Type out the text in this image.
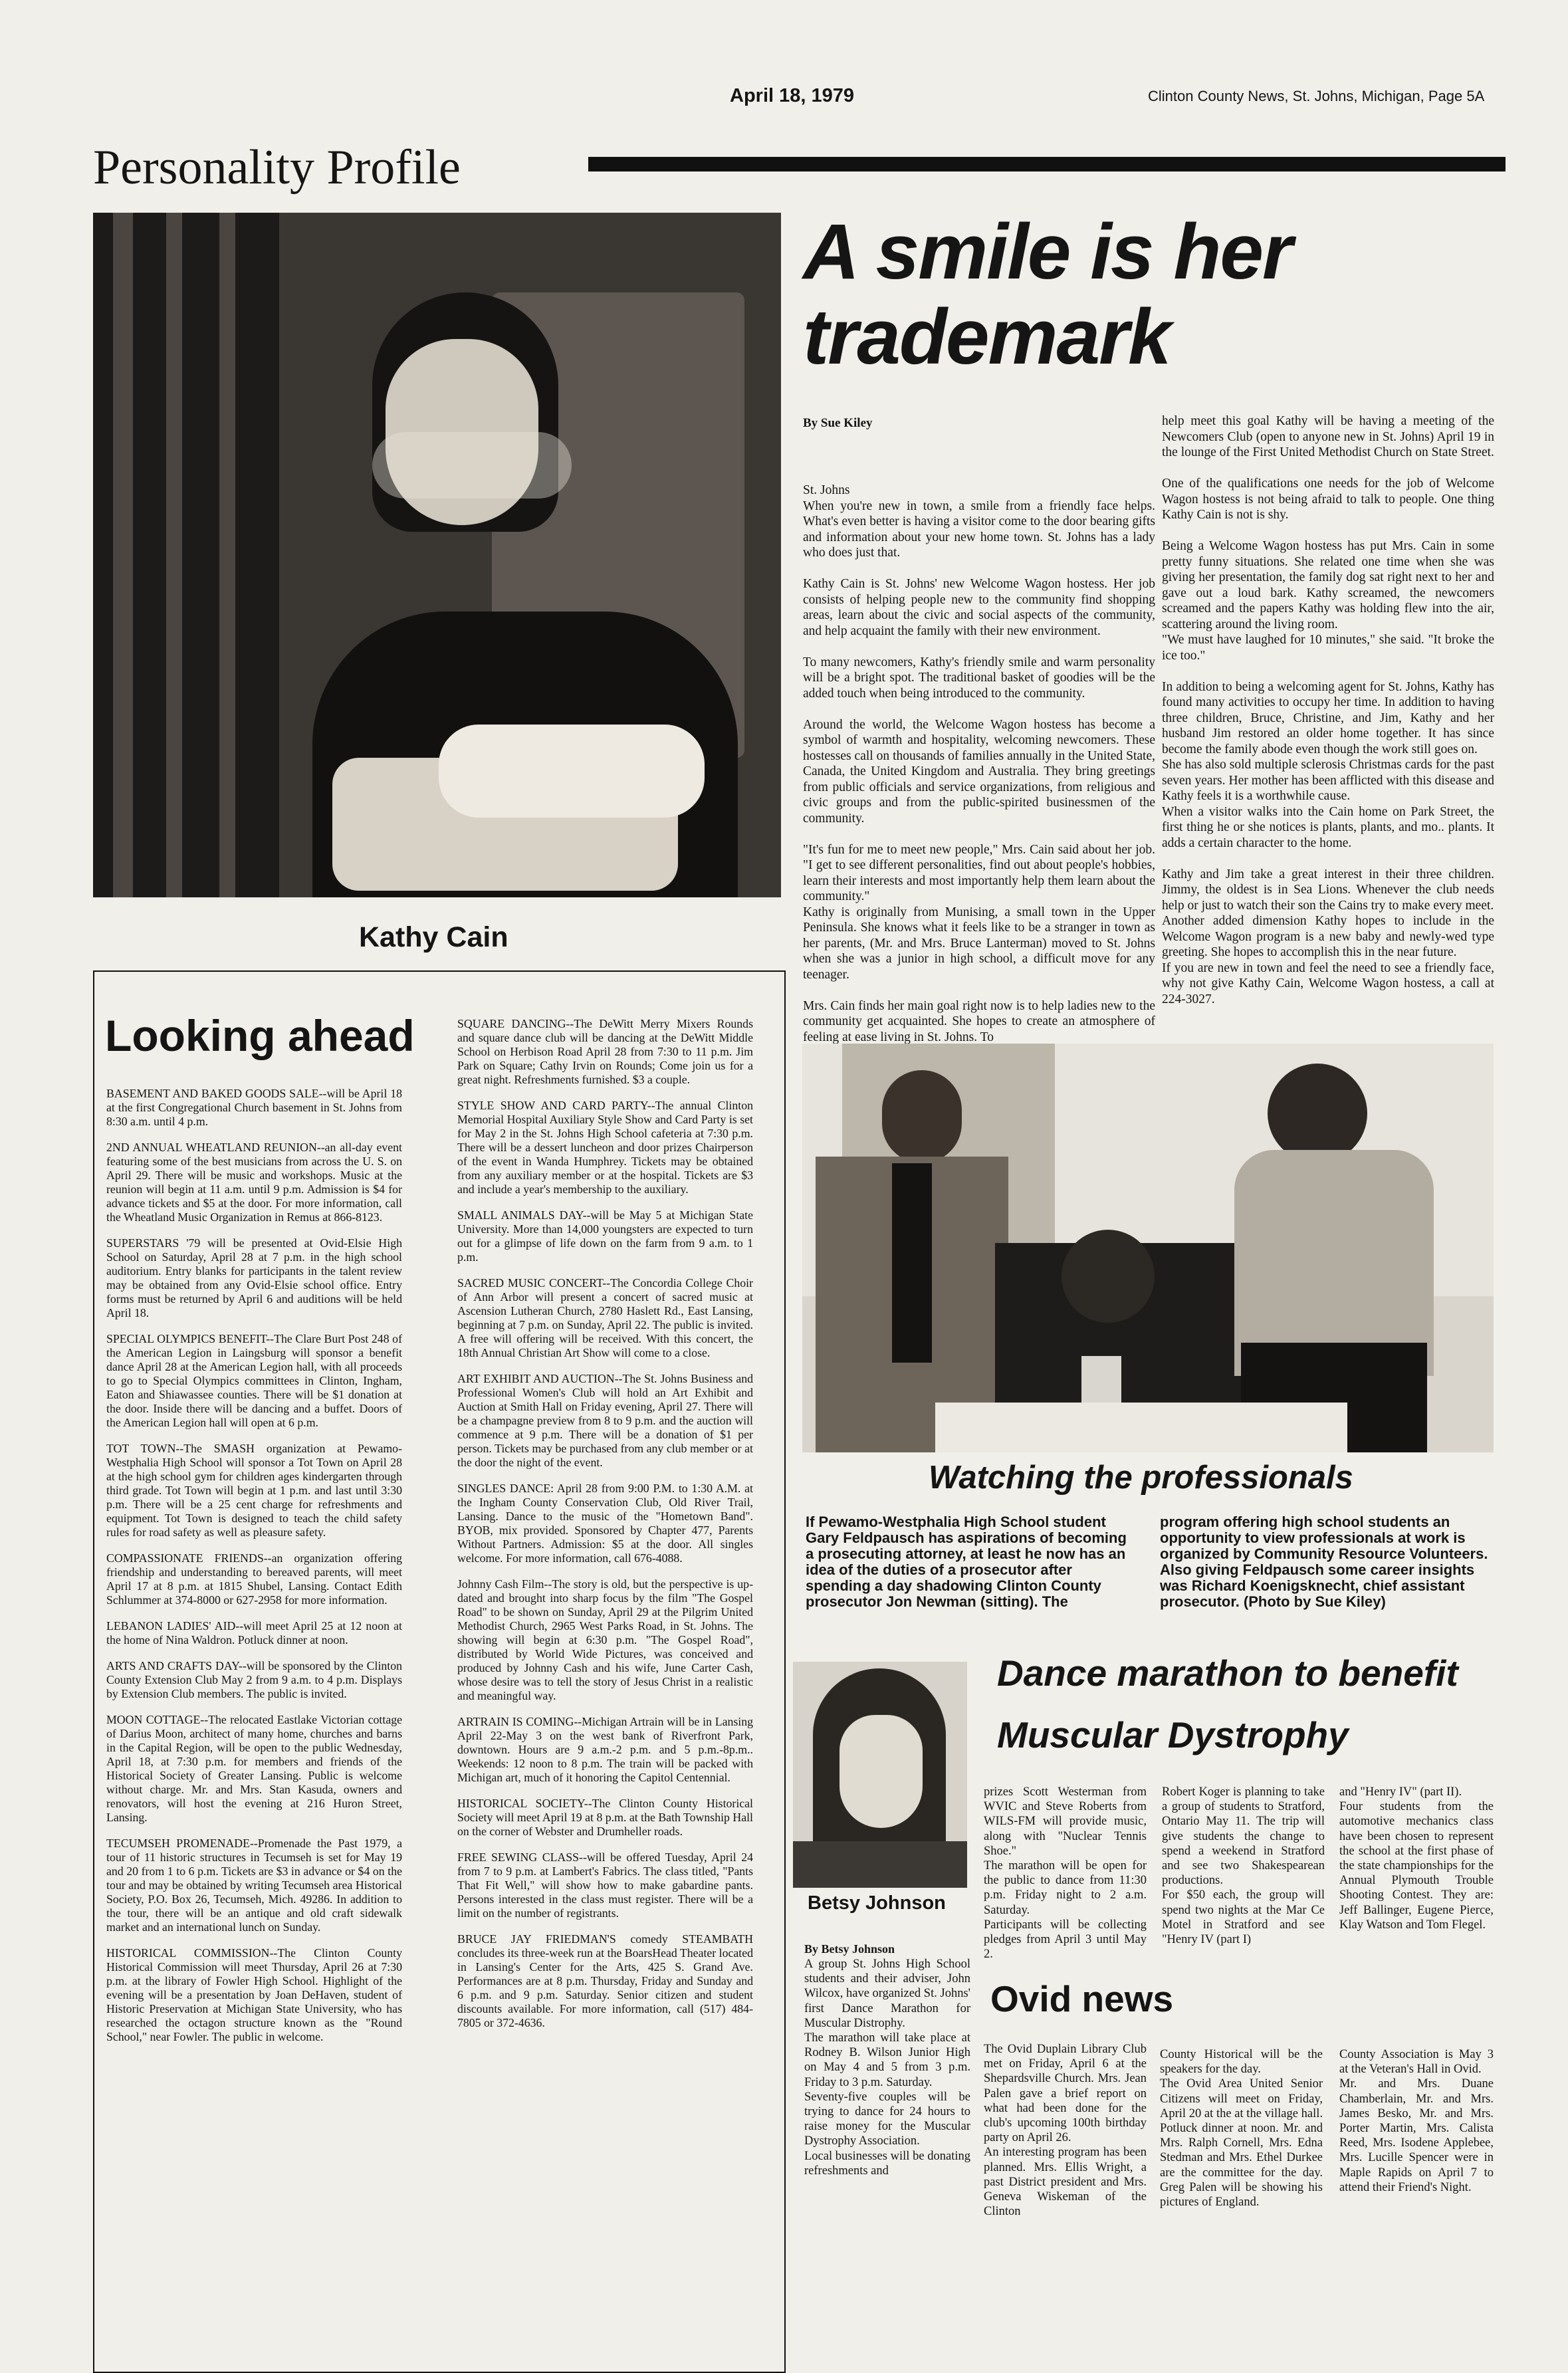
April 18, 1979	Clinton County News, St. Johns, Michigan, Page 5A
Personality Profile
Kathy Cain
A smile is her trademark
By Sue Kiley

St. Johns
When you're new in town, a smile from a friendly face helps. What's even better is having a visitor come to the door bearing gifts and information about your new home town. St. Johns has a lady who does just that.

Kathy Cain is St. Johns' new Welcome Wagon hostess. Her job consists of helping people new to the community find shopping areas, learn about the civic and social aspects of the community, and help acquaint the family with their new environment.

To many newcomers, Kathy's friendly smile and warm personality will be a bright spot. The traditional basket of goodies will be the added touch when being introduced to the community.

Around the world, the Welcome Wagon hostess has become a symbol of warmth and hospitality, welcoming newcomers. These hostesses call on thousands of families annually in the United State, Canada, the United Kingdom and Australia. They bring greetings from public officials and service organizations, from religious and civic groups and from the public-spirited businessmen of the community.

"It's fun for me to meet new people," Mrs. Cain said about her job. "I get to see different personalities, find out about people's hobbies, learn their interests and most importantly help them learn about the community."
Kathy is originally from Munising, a small town in the Upper Peninsula. She knows what it feels like to be a stranger in town as her parents, (Mr. and Mrs. Bruce Lanterman) moved to St. Johns when she was a junior in high school, a difficult move for any teenager.

Mrs. Cain finds her main goal right now is to help ladies new to the community get acquainted. She hopes to create an atmosphere of feeling at ease living in St. Johns. To

help meet this goal Kathy will be having a meeting of the Newcomers Club (open to anyone new in St. Johns) April 19 in the lounge of the First United Methodist Church on State Street.

One of the qualifications one needs for the job of Welcome Wagon hostess is not being afraid to talk to people. One thing Kathy Cain is not is shy.

Being a Welcome Wagon hostess has put Mrs. Cain in some pretty funny situations. She related one time when she was giving her presentation, the family dog sat right next to her and gave out a loud bark. Kathy screamed, the newcomers screamed and the papers Kathy was holding flew into the air, scattering around the living room.
"We must have laughed for 10 minutes," she said. "It broke the ice too."

In addition to being a welcoming agent for St. Johns, Kathy has found many activities to occupy her time. In addition to having three children, Bruce, Christine, and Jim, Kathy and her husband Jim restored an older home together. It has since become the family abode even though the work still goes on.
She has also sold multiple sclerosis Christmas cards for the past seven years. Her mother has been afflicted with this disease and Kathy feels it is a worthwhile cause.
When a visitor walks into the Cain home on Park Street, the first thing he or she notices is plants, plants, and mo.. plants. It adds a certain character to the home.

Kathy and Jim take a great interest in their three children. Jimmy, the oldest is in Sea Lions. Whenever the club needs help or just to watch their son the Cains try to make every meet.
Another added dimension Kathy hopes to include in the Welcome Wagon program is a new baby and newly-wed type greeting. She hopes to accomplish this in the near future.
If you are new in town and feel the need to see a friendly face, why not give Kathy Cain, Welcome Wagon hostess, a call at 224-3027.

Looking ahead

BASEMENT AND BAKED GOODS SALE--will be April 18 at the first Congregational Church basement in St. Johns from 8:30 a.m. until 4 p.m.

2ND ANNUAL WHEATLAND REUNION--an all-day event featuring some of the best musicians from across the U. S. on April 29. There will be music and workshops. Music at the reunion will begin at 11 a.m. until 9 p.m. Admission is $4 for advance tickets and $5 at the door. For more information, call the Wheatland Music Organization in Remus at 866-8123.

SUPERSTARS '79 will be presented at Ovid-Elsie High School on Saturday, April 28 at 7 p.m. in the high school auditorium. Entry blanks for participants in the talent review may be obtained from any Ovid-Elsie school office. Entry forms must be returned by April 6 and auditions will be held April 18.

SPECIAL OLYMPICS BENEFIT--The Clare Burt Post 248 of the American Legion in Laingsburg will sponsor a benefit dance April 28 at the American Legion hall, with all proceeds to go to Special Olympics committees in Clinton, Ingham, Eaton and Shiawassee counties. There will be $1 donation at the door. Inside there will be dancing and a buffet. Doors of the American Legion hall will open at 6 p.m.

TOT TOWN--The SMASH organization at Pewamo-Westphalia High School will sponsor a Tot Town on April 28 at the high school gym for children ages kindergarten through third grade. Tot Town will begin at 1 p.m. and last until 3:30 p.m. There will be a 25 cent charge for refreshments and equipment. Tot Town is designed to teach the child safety rules for road safety as well as pleasure safety.

COMPASSIONATE FRIENDS--an organization offering friendship and understanding to bereaved parents, will meet April 17 at 8 p.m. at 1815 Shubel, Lansing. Contact Edith Schlummer at 374-8000 or 627-2958 for more information.

LEBANON LADIES' AID--will meet April 25 at 12 noon at the home of Nina Waldron. Potluck dinner at noon.

ARTS AND CRAFTS DAY--will be sponsored by the Clinton County Extension Club May 2 from 9 a.m. to 4 p.m. Displays by Extension Club members. The public is invited.

MOON COTTAGE--The relocated Eastlake Victorian cottage of Darius Moon, architect of many home, churches and barns in the Capital Region, will be open to the public Wednesday, April 18, at 7:30 p.m. for members and friends of the Historical Society of Greater Lansing. Public is welcome without charge. Mr. and Mrs. Stan Kasuda, owners and renovators, will host the evening at 216 Huron Street, Lansing.

TECUMSEH PROMENADE--Promenade the Past 1979, a tour of 11 historic structures in Tecumseh is set for May 19 and 20 from 1 to 6 p.m. Tickets are $3 in advance or $4 on the tour and may be obtained by writing Tecumseh area Historical Society, P.O. Box 26, Tecumseh, Mich. 49286. In addition to the tour, there will be an antique and old craft sidewalk market and an international lunch on Sunday.

HISTORICAL COMMISSION--The Clinton County Historical Commission will meet Thursday, April 26 at 7:30 p.m. at the library of Fowler High School. Highlight of the evening will be a presentation by Joan DeHaven, student of Historic Preservation at Michigan State University, who has researched the octagon structure known as the "Round School," near Fowler. The public in welcome.

SQUARE DANCING--The DeWitt Merry Mixers Rounds and square dance club will be dancing at the DeWitt Middle School on Herbison Road April 28 from 7:30 to 11 p.m. Jim Park on Square; Cathy Irvin on Rounds; Come join us for a great night. Refreshments furnished. $3 a couple.

STYLE SHOW AND CARD PARTY--The annual Clinton Memorial Hospital Auxiliary Style Show and Card Party is set for May 2 in the St. Johns High School cafeteria at 7:30 p.m. There will be a dessert luncheon and door prizes Chairperson of the event in Wanda Humphrey. Tickets may be obtained from any auxiliary member or at the hospital. Tickets are $3 and include a year's membership to the auxiliary.

SMALL ANIMALS DAY--will be May 5 at Michigan State University. More than 14,000 youngsters are expected to turn out for a glimpse of life down on the farm from 9 a.m. to 1 p.m.

SACRED MUSIC CONCERT--The Concordia College Choir of Ann Arbor will present a concert of sacred music at Ascension Lutheran Church, 2780 Haslett Rd., East Lansing, beginning at 7 p.m. on Sunday, April 22. The public is invited. A free will offering will be received. With this concert, the 18th Annual Christian Art Show will come to a close.

ART EXHIBIT AND AUCTION--The St. Johns Business and Professional Women's Club will hold an Art Exhibit and Auction at Smith Hall on Friday evening, April 27. There will be a champagne preview from 8 to 9 p.m. and the auction will commence at 9 p.m. There will be a donation of $1 per person. Tickets may be purchased from any club member or at the door the night of the event.

SINGLES DANCE: April 28 from 9:00 P.M. to 1:30 A.M. at the Ingham County Conservation Club, Old River Trail, Lansing. Dance to the music of the "Hometown Band". BYOB, mix provided. Sponsored by Chapter 477, Parents Without Partners. Admission: $5 at the door. All singles welcome. For more information, call 676-4088.

Johnny Cash Film--The story is old, but the perspective is up-dated and brought into sharp focus by the film "The Gospel Road" to be shown on Sunday, April 29 at the Pilgrim United Methodist Church, 2965 West Parks Road, in St. Johns. The showing will begin at 6:30 p.m. "The Gospel Road", distributed by World Wide Pictures, was conceived and produced by Johnny Cash and his wife, June Carter Cash, whose desire was to tell the story of Jesus Christ in a realistic and meaningful way.

ARTRAIN IS COMING--Michigan Artrain will be in Lansing April 22-May 3 on the west bank of Riverfront Park, downtown. Hours are 9 a.m.-2 p.m. and 5 p.m.-8p.m.. Weekends: 12 noon to 8 p.m. The train will be packed with Michigan art, much of it honoring the Capitol Centennial.

HISTORICAL SOCIETY--The Clinton County Historical Society will meet April 19 at 8 p.m. at the Bath Township Hall on the corner of Webster and Drumheller roads.

FREE SEWING CLASS--will be offered Tuesday, April 24 from 7 to 9 p.m. at Lambert's Fabrics. The class titled, "Pants That Fit Well," will show how to make gabardine pants. Persons interested in the class must register. There will be a limit on the number of registrants.

BRUCE JAY FRIEDMAN'S comedy STEAMBATH concludes its three-week run at the BoarsHead Theater located in Lansing's Center for the Arts, 425 S. Grand Ave. Performances are at 8 p.m. Thursday, Friday and Sunday and 6 p.m. and 9 p.m. Saturday. Senior citizen and student discounts available. For more information, call (517) 484-7805 or 372-4636.

Watching the professionals

If Pewamo-Westphalia High School student Gary Feldpausch has aspirations of becoming a prosecuting attorney, at least he now has an idea of the duties of a prosecutor after spending a day shadowing Clinton County prosecutor Jon Newman (sitting). The

program offering high school students an opportunity to view professionals at work is organized by Community Resource Volunteers. Also giving Feldpausch some career insights was Richard Koenigsknecht, chief assistant prosecutor. (Photo by Sue Kiley)

Betsy Johnson
Dance marathon to benefit
Muscular Dystrophy
By Betsy Johnson

A group St. Johns High School students and their adviser, John Wilcox, have organized St. Johns' first Dance Marathon for Muscular Distrophy.
The marathon will take place at Rodney B. Wilson Junior High on May 4 and 5 from 3 p.m. Friday to 3 p.m. Saturday.
Seventy-five couples will be trying to dance for 24 hours to raise money for the Muscular Dystrophy Association.
Local businesses will be donating refreshments and

prizes Scott Westerman from WVIC and Steve Roberts from WILS-FM will provide music, along with "Nuclear Tennis Shoe."
The marathon will be open for the public to dance from 11:30 p.m. Friday night to 2 a.m. Saturday.
Participants will be collecting pledges from April 3 until May 2.

Robert Koger is planning to take a group of students to Stratford, Ontario May 11. The trip will give students the change to spend a weekend in Stratford and see two Shakespearean productions.
For $50 each, the group will spend two nights at the Mar Ce Motel in Stratford and see "Henry IV (part I)

and "Henry IV" (part II).
Four students from the automotive mechanics class have been chosen to represent the school at the first phase of the state championships for the Annual Plymouth Trouble Shooting Contest. They are: Jeff Ballinger, Eugene Pierce, Klay Watson and Tom Flegel.

Ovid news

The Ovid Duplain Library Club met on Friday, April 6 at the Shepardsville Church. Mrs. Jean Palen gave a brief report on what had been done for the club's upcoming 100th birthday party on April 26.
An interesting program has been planned. Mrs. Ellis Wright, a past District president and Mrs. Geneva Wiskeman of the Clinton

County Historical will be the speakers for the day.
The Ovid Area United Senior Citizens will meet on Friday, April 20 at the at the village hall. Potluck dinner at noon. Mr. and Mrs. Ralph Cornell, Mrs. Edna Stedman and Mrs. Ethel Durkee are the committee for the day. Greg Palen will be showing his pictures of England.

County Association is May 3 at the Veteran's Hall in Ovid.
Mr. and Mrs. Duane Chamberlain, Mr. and Mrs. James Besko, Mr. and Mrs. Porter Martin, Mrs. Calista Reed, Mrs. Isodene Applebee, Mrs. Lucille Spencer were in Maple Rapids on April 7 to attend their Friend's Night.
